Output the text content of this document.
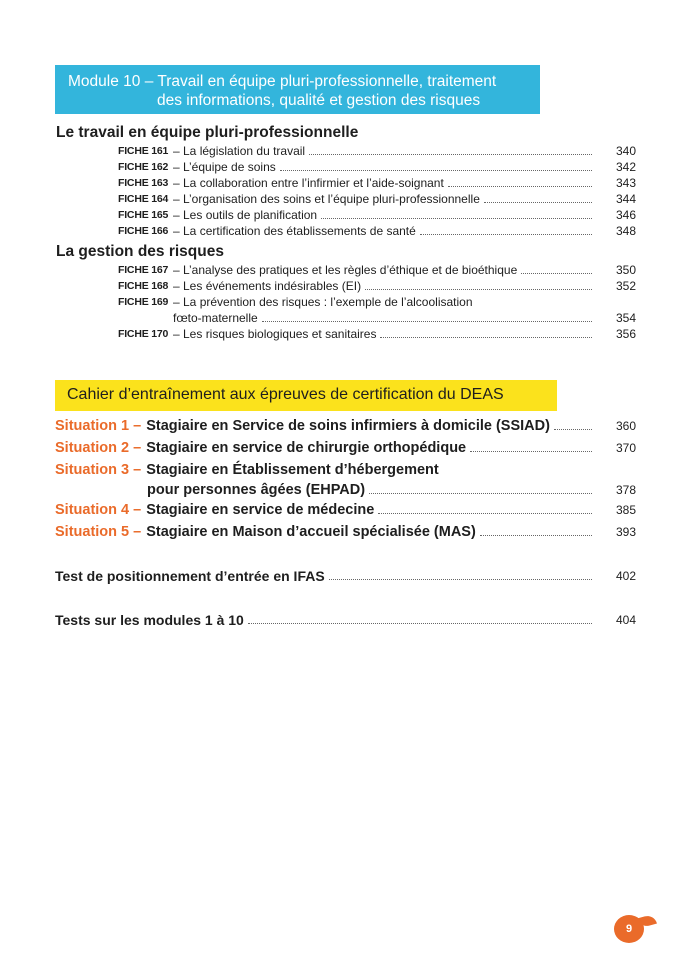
Module 10 – Travail en équipe pluri-professionnelle, traitement
des informations, qualité et gestion des risques
Le travail en équipe pluri-professionnelle
FICHE 161 – La législation du travail	340
FICHE 162 – L’équipe de soins	342
FICHE 163 – La collaboration entre l’infirmier et l’aide-soignant	343
FICHE 164 – L’organisation des soins et l’équipe pluri-professionnelle	344
FICHE 165 – Les outils de planification	346
FICHE 166 – La certification des établissements de santé	348
La gestion des risques
FICHE 167 – L’analyse des pratiques et les règles d’éthique et de bioéthique	350
FICHE 168 – Les événements indésirables (EI)	352
FICHE 169 – La prévention des risques : l’exemple de l’alcoolisation
fœto-maternelle	354
FICHE 170 – Les risques biologiques et sanitaires	356
Cahier d’entraînement aux épreuves de certification du DEAS
Situation 1 – Stagiaire en Service de soins infirmiers à domicile (SSIAD)	360
Situation 2 – Stagiaire en service de chirurgie orthopédique	370
Situation 3 – Stagiaire en Établissement d’hébergement
pour personnes âgées (EHPAD)	378
Situation 4 – Stagiaire en service de médecine	385
Situation 5 – Stagiaire en Maison d’accueil spécialisée (MAS)	393
Test de positionnement d’entrée en IFAS	402
Tests sur les modules 1 à 10	404
9
